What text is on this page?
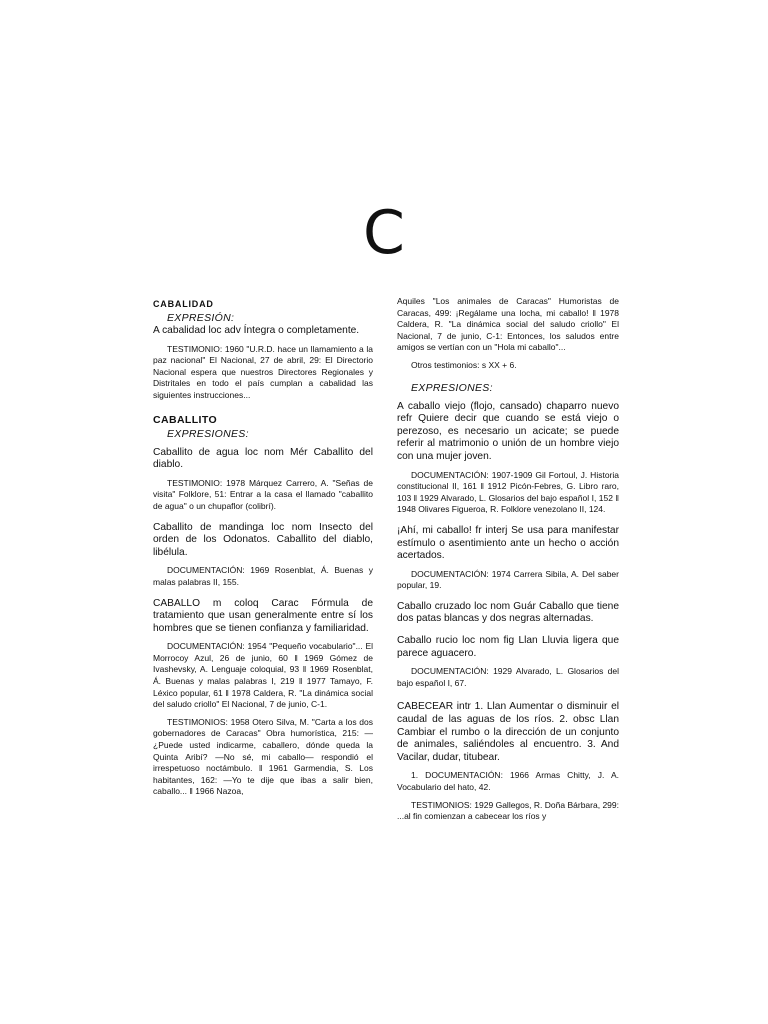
C

CABALIDAD

EXPRESIÓN:

A cabalidad loc adv Íntegra o completamente.

TESTIMONIO: 1960 "U.R.D. hace un llamamiento a la paz nacional" El Nacional, 27 de abril, 29: El Directorio Nacional espera que nuestros Directores Regionales y Distritales en todo el país cumplan a cabalidad las siguientes instrucciones...

CABALLITO

EXPRESIONES:

Caballito de agua loc nom Mér Caballito del diablo.

TESTIMONIO: 1978 Márquez Carrero, A. "Señas de visita" Folklore, 51: Entrar a la casa el llamado "caballito de agua" o un chupaflor (colibrí).

Caballito de mandinga loc nom Insecto del orden de los Odonatos. Caballito del diablo, libélula.

DOCUMENTACIÓN: 1969 Rosenblat, Á. Buenas y malas palabras II, 155.

CABALLO m coloq Carac Fórmula de tratamiento que usan generalmente entre sí los hombres que se tienen confianza y familiaridad.

DOCUMENTACIÓN: 1954 "Pequeño vocabulario"... El Morrocoy Azul, 26 de junio, 60 ‖ 1969 Gómez de Ivashevsky, A. Lenguaje coloquial, 93 ‖ 1969 Rosenblat, Á. Buenas y malas palabras I, 219 ‖ 1977 Tamayo, F. Léxico popular, 61 ‖ 1978 Caldera, R. "La dinámica social del saludo criollo" El Nacional, 7 de junio, C-1.

TESTIMONIOS: 1958 Otero Silva, M. "Carta a los dos gobernadores de Caracas" Obra humorística, 215: —¿Puede usted indicarme, caballero, dónde queda la Quinta Aribí? —No sé, mi caballo— respondió el irrespetuoso noctámbulo. ‖ 1961 Garmendia, S. Los habitantes, 162: —Yo te dije que ibas a salir bien, caballo... ‖ 1966 Nazoa,

Aquiles "Los animales de Caracas" Humoristas de Caracas, 499: ¡Regálame una locha, mi caballo! ‖ 1978 Caldera, R. "La dinámica social del saludo criollo" El Nacional, 7 de junio, C-1: Entonces, los saludos entre amigos se vertían con un "Hola mi caballo"...

Otros testimonios: s XX + 6.

EXPRESIONES:

A caballo viejo (flojo, cansado) chaparro nuevo refr Quiere decir que cuando se está viejo o perezoso, es necesario un acicate; se puede referir al matrimonio o unión de un hombre viejo con una mujer joven.

DOCUMENTACIÓN: 1907-1909 Gil Fortoul, J. Historia constitucional II, 161 ‖ 1912 Picón-Febres, G. Libro raro, 103 ‖ 1929 Alvarado, L. Glosarios del bajo español I, 152 ‖ 1948 Olivares Figueroa, R. Folklore venezolano II, 124.

¡Ahí, mi caballo! fr interj Se usa para manifestar estímulo o asentimiento ante un hecho o acción acertados.

DOCUMENTACIÓN: 1974 Carrera Sibila, A. Del saber popular, 19.

Caballo cruzado loc nom Guár Caballo que tiene dos patas blancas y dos negras alternadas.

Caballo rucio loc nom fig Llan Lluvia ligera que parece aguacero.

DOCUMENTACIÓN: 1929 Alvarado, L. Glosarios del bajo español I, 67.

CABECEAR intr 1. Llan Aumentar o disminuir el caudal de las aguas de los ríos. 2. obsc Llan Cambiar el rumbo o la dirección de un conjunto de animales, saliéndoles al encuentro. 3. And Vacilar, dudar, titubear.

1. DOCUMENTACIÓN: 1966 Armas Chitty, J. A. Vocabulario del hato, 42.

TESTIMONIOS: 1929 Gallegos, R. Doña Bárbara, 299: ...al fin comienzan a cabecear los ríos y
